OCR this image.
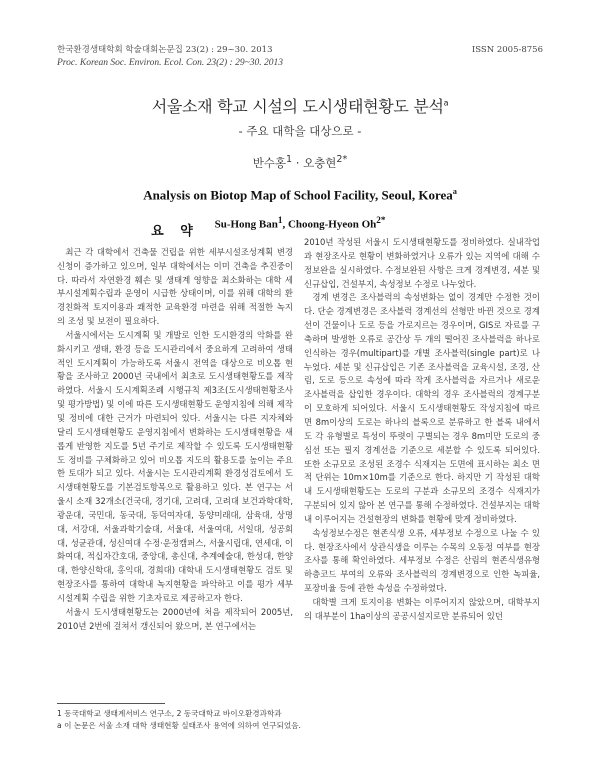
한국환경생태학회 학술대회논문집 23(2) : 29~30. 2013	ISSN 2005-8756
Proc. Korean Soc. Environ. Ecol. Con. 23(2) : 29~30. 2013
서울소재 학교 시설의 도시생태현황도 분석$^a$
- 주요 대학을 대상으로 -
반수홍$^1$ · 오충현$^{2*}$
Analysis on Biotop Map of School Facility, Seoul, Korea$^a$
Su-Hong Ban$^1$, Choong-Hyeon $Oh^{2*}$
요 약

최근 각 대학에서 건축물 건립을 위한 세부시설조성계획 변경신청이 증가하고 있으며, 일부 대학에서는 이미 건축을 추진중이다. 따라서 자연환경 훼손 및 생태계 영향을 최소화하는 대학 세부시설계획수립과 운영이 시급한 상태이며, 이를 위해 대학의 환경친화적 토지이용과 쾌적한 교육환경 마련을 위해 적절한 녹지의 조성 및 보전이 필요하다.

서울시에서는 도시계획 및 개발로 인한 도시환경의 악화를 완화시키고 생태, 환경 등을 도시관리에서 중요하게 고려하여 생태적인 도시계획이 가능하도록 서울시 전역을 대상으로 비오톱 현황을 조사하고 2000년 국내에서 최초로 도시생태현황도를 제작하였다. 서울시 도시계획조례 시행규칙 제3조(도시생태현황조사 및 평가방법) 및 이에 따른 도시생태현황도 운영지침에 의해 제작 및 정비에 대한 근거가 마련되어 있다. 서울시는 다른 지자체와 달리 도시생태현황도 운영지침에서 변화하는 도시생태현황을 새롭게 반영한 지도를 5년 주기로 제작할 수 있도록 도시생태현황도 정비를 구체화하고 있어 비오톱 지도의 활용도를 높이는 주요한 토대가 되고 있다. 서울시는 도시관리계획 환경성검토에서 도시생태현황도를 기본검토항목으로 활용하고 있다. 본 연구는 서울시 소재 32개소(건국대, 경기대, 고려대, 고려대 보건과학대학, 광운대, 국민대, 동국대, 동덕여자대, 동양미래대, 삼육대, 상명대, 서강대, 서울과학기술대, 서울대, 서울여대, 서일대, 성공회대, 성균관대, 성신여대 수정·운정캠퍼스, 서울시립대, 연세대, 이화여대, 적십자간호대, 중앙대, 총신대, 추계예술대, 한성대, 한양대, 한양신학대, 홍익대, 경희대) 대학내 도시생태현황도 검토 및 현장조사를 통하여 대학내 녹지현황을 파악하고 이를 평가 세부시설계획 수립을 위한 기초자료로 제공하고자 한다.

서울시 도시생태현황도는 2000년에 처음 제작되어 2005년, 2010년 2번에 걸쳐서 갱신되어 왔으며, 본 연구에서는

2010년 작성된 서울시 도시생태현황도를 정비하였다. 실내작업과 현장조사로 현황이 변화하였거나 오류가 있는 지역에 대해 수정보완을 실시하였다. 수정보완된 사항은 크게 경계변경, 세분 및 신규삽입, 건설부지, 속성정보 수정로 나누었다.

경계 변경은 조사블럭의 속성변화는 없이 경계만 수정한 것이다. 단순 경계변경은 조사블럭 경계선의 선형만 바뀐 것으로 경계선이 건물이나 도로 등을 가로지르는 경우이며, GIS로 자료를 구축하며 발생한 오류로 공간상 두 개의 떨어진 조사블럭을 하나로 인식하는 경우(multipart)를 개별 조사블럭(single part)로 나누었다. 세분 및 신규삽입은 기존 조사블럭을 교육시설, 조경, 산림, 도로 등으로 속성에 따라 작게 조사블럭을 자르거나 새로운 조사블럭을 삽입한 경우이다. 대학의 경우 조사블럭의 경계구분이 모호하게 되어있다. 서울시 도시생태현황도 작성지침에 따르면 8m이상의 도로는 하나의 블록으로 분류하고 한 블록 내에서도 각 유형별로 특성이 뚜렷이 구별되는 경우 8m미만 도로의 중심선 또는 필지 경계선을 기준으로 세분할 수 있도록 되어있다. 또한 소규모로 조성된 조경수 식재지는 도면에 표시하는 최소 면적 단위는 10m×10m를 기준으로 한다. 하지만 기 작성된 대학내 도시생태현황도는 도로의 구분과 소규모의 조경수 식재지가 구분되어 있지 않아 본 연구를 통해 수정하였다. 건설부지는 대학내 이루어지는 건설현장의 변화를 현황에 맞게 정비하였다.

속성정보수정은 현존식생 오류, 세부정보 수정으로 나눌 수 있다. 현장조사에서 상관식생을 이루는 수목의 오동정 여부를 현장조사를 통해 확인하였다. 세부정보 수정은 산림의 현존식생유형 하층코드 부여의 오류와 조사블럭의 경계변경으로 인한 녹피율, 포장비율 등에 관한 속성을 수정하였다.

대학별 크게 토지이용 변화는 이루어지지 않았으며, 대학부지의 대부분이 1ha이상의 공공시설지로만 분류되어 있던

1 동국대학교 생태계서비스 연구소, 2 동국대학교 바이오환경과학과
a 이 논문은 서울 소재 대학 생태현황 실태조사 용역에 의하여 연구되었음.
